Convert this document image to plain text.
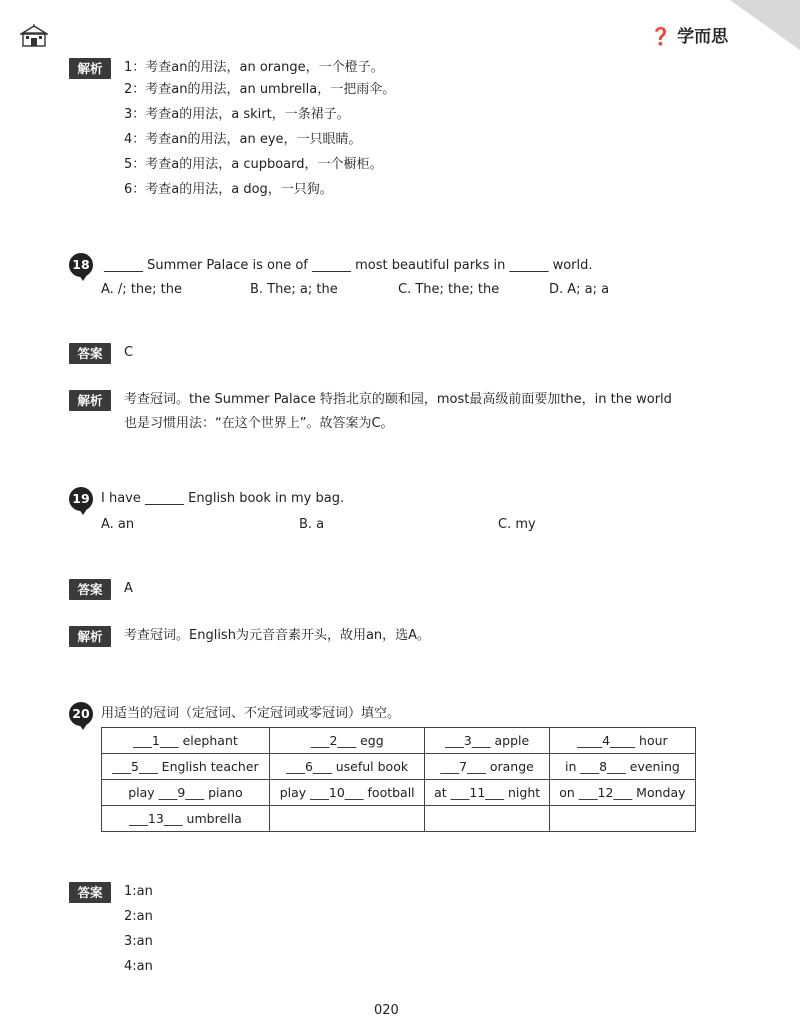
❓ 学而思
解析	1：考查an的用法，an orange，一个橙子。
2：考查an的用法，an umbrella，一把雨伞。
3：考查a的用法，a skirt，一条裙子。
4：考查an的用法，an eye，一只眼睛。
5：考查a的用法，a cupboard，一个橱柜。
6：考查a的用法，a dog，一只狗。
18 ______ Summer Palace is one of ______ most beautiful parks in ______ world.
A. /; the; the	B. The; a; the	C. The; the; the	D. A; a; a
答案	C
解析	考查冠词。the Summer Palace 特指北京的颐和园，most最高级前面要加the，in the world
也是习惯用法：“在这个世界上”。故答案为C。
19 I have ______ English book in my bag.
A. an	B. a	C. my
答案	A
解析	考查冠词。English为元音音素开头，故用an，选A。
20 用适当的冠词（定冠词、不定冠词或零冠词）填空。
___1___ elephant	___2___ egg	___3___ apple	____4____ hour
___5___ English teacher	___6___ useful book	___7___ orange	in ___8___ evening
play ___9___ piano	play ___10___ football	at ___11___ night	on ___12___ Monday
___13___ umbrella			
答案	1:an
2:an
3:an
4:an
020
